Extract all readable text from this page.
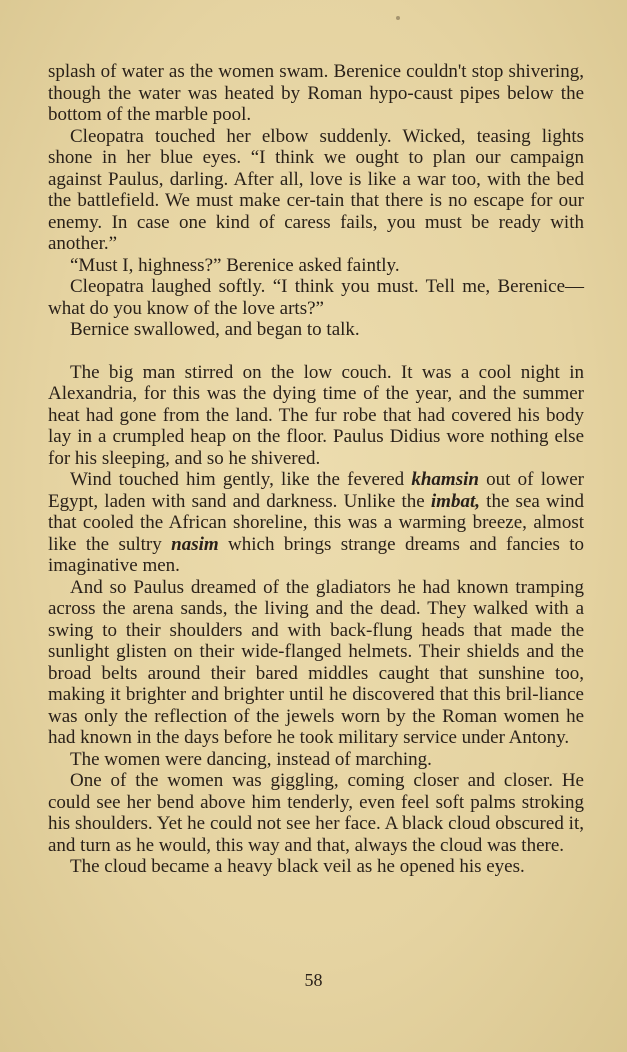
splash of water as the women swam. Berenice couldn't stop shivering, though the water was heated by Roman hypo-caust pipes below the bottom of the marble pool.

Cleopatra touched her elbow suddenly. Wicked, teasing lights shone in her blue eyes. “I think we ought to plan our campaign against Paulus, darling. After all, love is like a war too, with the bed the battlefield. We must make cer-tain that there is no escape for our enemy. In case one kind of caress fails, you must be ready with another.”

“Must I, highness?” Berenice asked faintly.

Cleopatra laughed softly. “I think you must. Tell me, Berenice—what do you know of the love arts?”

Bernice swallowed, and began to talk.

The big man stirred on the low couch. It was a cool night in Alexandria, for this was the dying time of the year, and the summer heat had gone from the land. The fur robe that had covered his body lay in a crumpled heap on the floor. Paulus Didius wore nothing else for his sleeping, and so he shivered.

Wind touched him gently, like the fevered khamsin out of lower Egypt, laden with sand and darkness. Unlike the imbat, the sea wind that cooled the African shoreline, this was a warming breeze, almost like the sultry nasim which brings strange dreams and fancies to imaginative men.

And so Paulus dreamed of the gladiators he had known tramping across the arena sands, the living and the dead. They walked with a swing to their shoulders and with back-flung heads that made the sunlight glisten on their wide-flanged helmets. Their shields and the broad belts around their bared middles caught that sunshine too, making it brighter and brighter until he discovered that this bril-liance was only the reflection of the jewels worn by the Roman women he had known in the days before he took military service under Antony.

The women were dancing, instead of marching.

One of the women was giggling, coming closer and closer. He could see her bend above him tenderly, even feel soft palms stroking his shoulders. Yet he could not see her face. A black cloud obscured it, and turn as he would, this way and that, always the cloud was there.

The cloud became a heavy black veil as he opened his eyes.

58
